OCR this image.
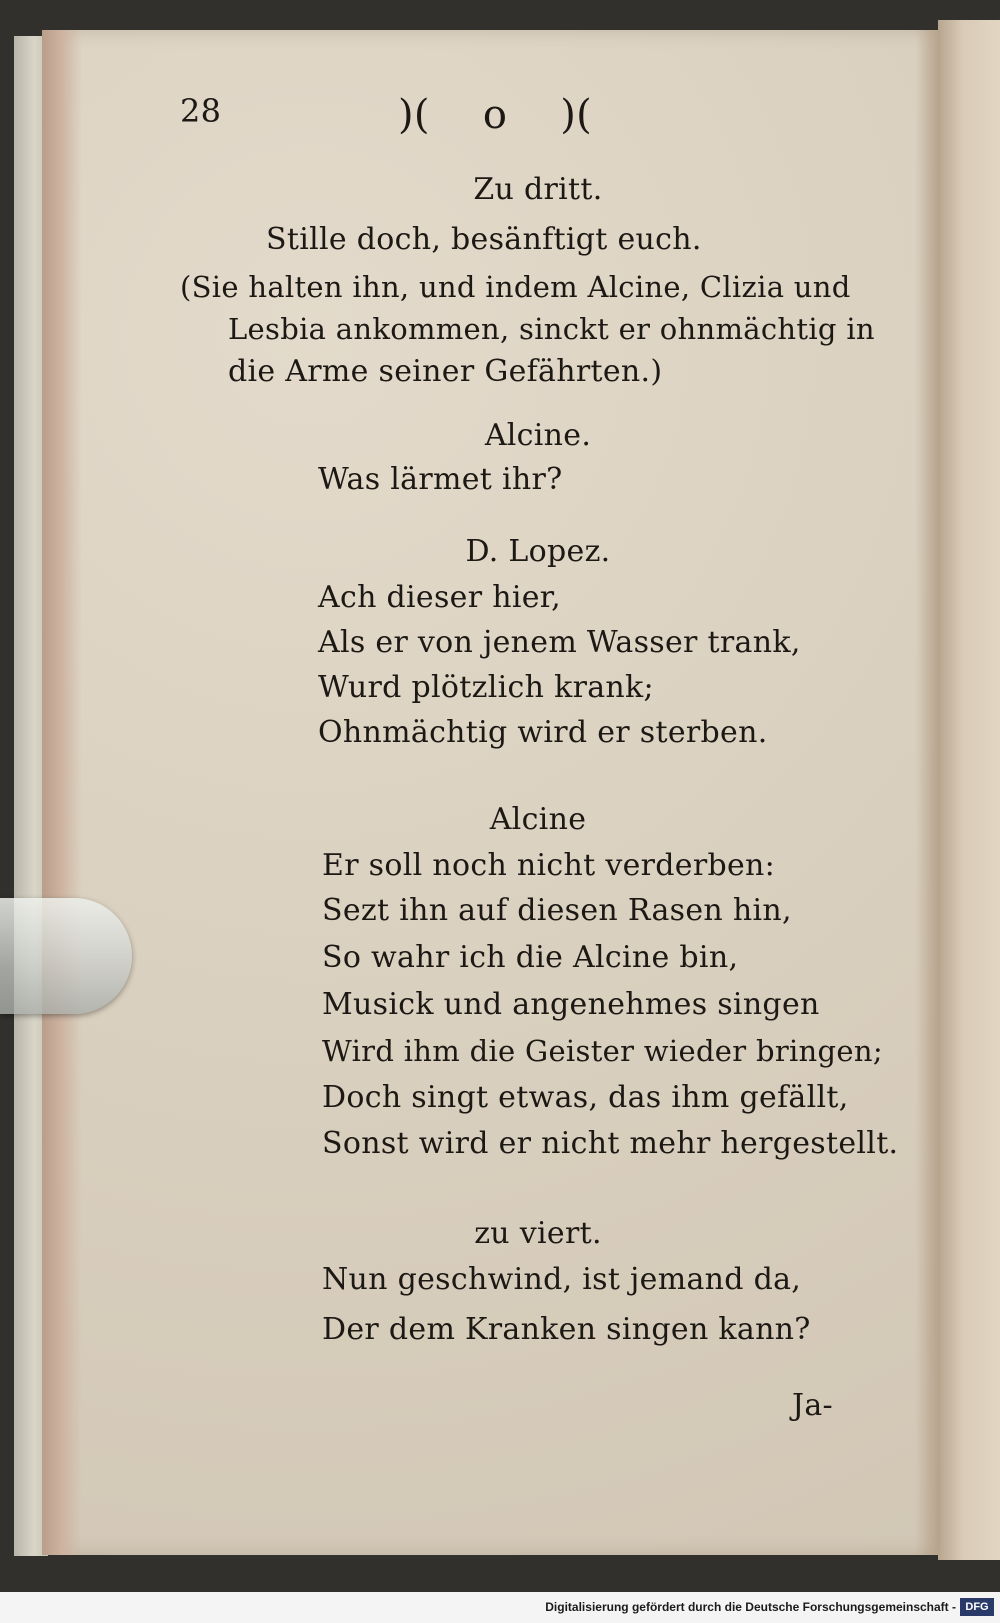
28	)( o )(
Zu dritt.
Stille doch, besänftigt euch.
(Sie halten ihn, und indem Alcine, Clizia und
Lesbia ankommen, sinckt er ohnmächtig in
die Arme seiner Gefährten.)
Alcine.
Was lärmet ihr?
D. Lopez.
Ach dieser hier,
Als er von jenem Wasser trank,
Wurd plötzlich krank;
Ohnmächtig wird er sterben.
Alcine
Er soll noch nicht verderben:
Sezt ihn auf diesen Rasen hin,
So wahr ich die Alcine bin,
Musick und angenehmes singen
Wird ihm die Geister wieder bringen;
Doch singt etwas, das ihm gefällt,
Sonst wird er nicht mehr hergestellt.
zu viert.
Nun geschwind, ist jemand da,
Der dem Kranken singen kann?
Ja-
Digitalisierung gefördert durch die Deutsche Forschungsgemeinschaft - DFG
